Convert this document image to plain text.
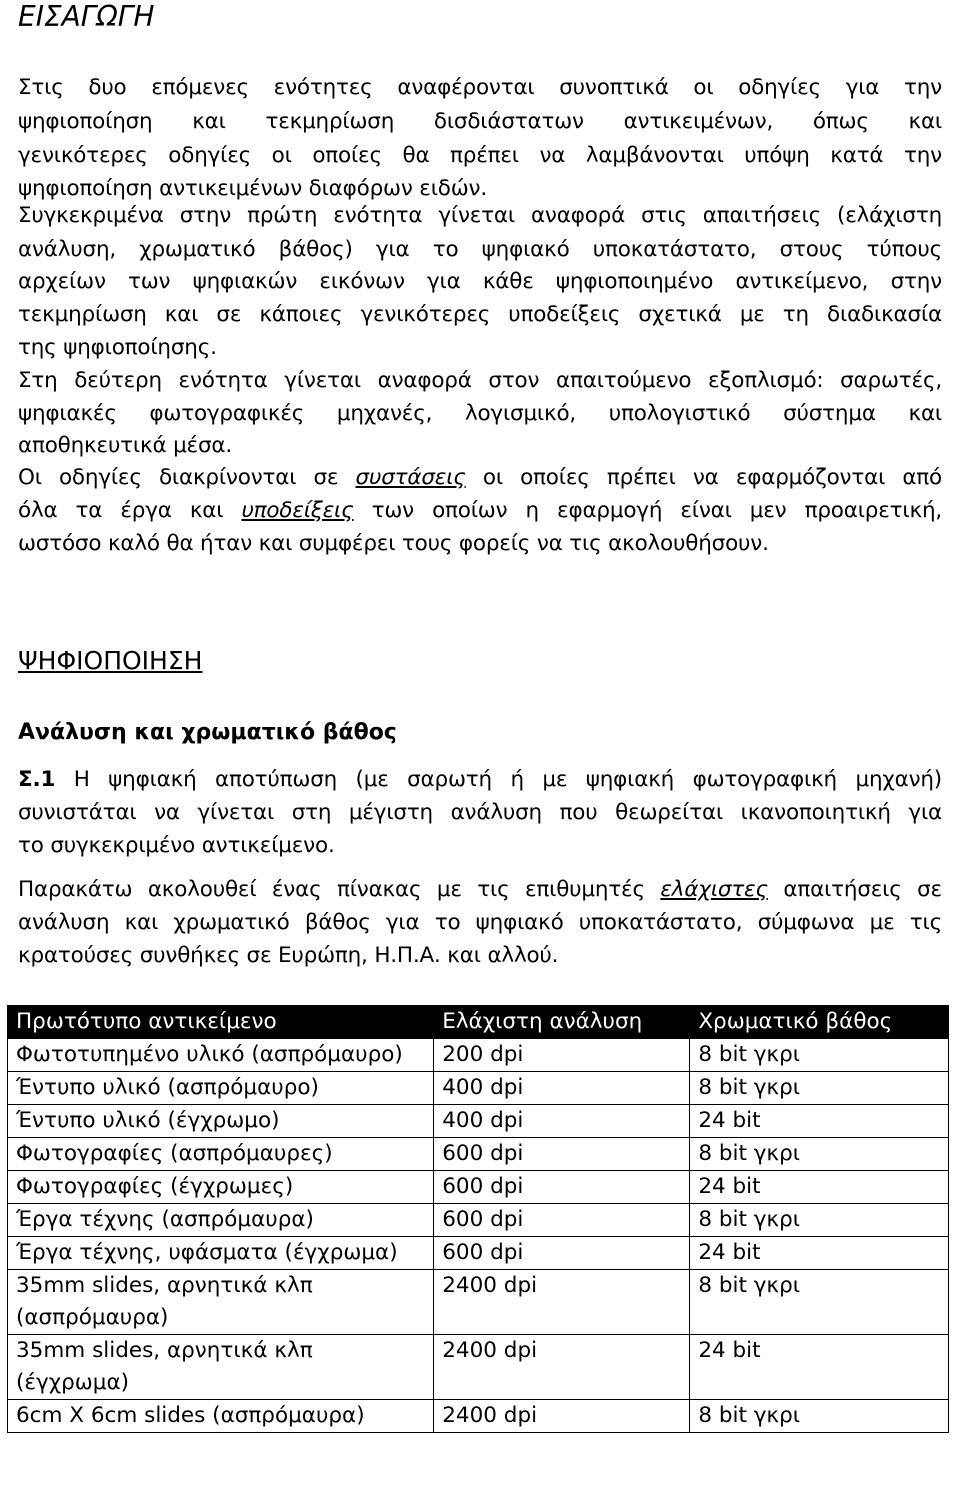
ΕΙΣΑΓΩΓΗ
Στις δυο επόμενες ενότητες αναφέρονται συνοπτικά οι οδηγίες για την
ψηφιοποίηση και τεκμηρίωση δισδιάστατων αντικειμένων, όπως και
γενικότερες οδηγίες οι οποίες θα πρέπει να λαμβάνονται υπόψη κατά την
ψηφιοποίηση αντικειμένων διαφόρων ειδών.
Συγκεκριμένα στην πρώτη ενότητα γίνεται αναφορά στις απαιτήσεις (ελάχιστη
ανάλυση, χρωματικό βάθος) για το ψηφιακό υποκατάστατο, στους τύπους
αρχείων των ψηφιακών εικόνων για κάθε ψηφιοποιημένο αντικείμενο, στην
τεκμηρίωση και σε κάποιες γενικότερες υποδείξεις σχετικά με τη διαδικασία
της ψηφιοποίησης.
Στη δεύτερη ενότητα γίνεται αναφορά στον απαιτούμενο εξοπλισμό: σαρωτές,
ψηφιακές φωτογραφικές μηχανές, λογισμικό, υπολογιστικό σύστημα και
αποθηκευτικά μέσα.
Οι οδηγίες διακρίνονται σε συστάσεις οι οποίες πρέπει να εφαρμόζονται από
όλα τα έργα και υποδείξεις των οποίων η εφαρμογή είναι μεν προαιρετική,
ωστόσο καλό θα ήταν και συμφέρει τους φορείς να τις ακολουθήσουν.
ΨΗΦΙΟΠΟΙΗΣΗ
Ανάλυση και χρωματικό βάθος
Σ.1 Η ψηφιακή αποτύπωση (με σαρωτή ή με ψηφιακή φωτογραφική μηχανή)
συνιστάται να γίνεται στη μέγιστη ανάλυση που θεωρείται ικανοποιητική για
το συγκεκριμένο αντικείμενο.
Παρακάτω ακολουθεί ένας πίνακας με τις επιθυμητές ελάχιστες απαιτήσεις σε
ανάλυση και χρωματικό βάθος για το ψηφιακό υποκατάστατο, σύμφωνα με τις
κρατούσες συνθήκες σε Ευρώπη, Η.Π.Α. και αλλού.
Πρωτότυπο αντικείμενο	Ελάχιστη ανάλυση	Χρωματικό βάθος
Φωτοτυπημένο υλικό (ασπρόμαυρο)	200 dpi	8 bit γκρι
Έντυπο υλικό (ασπρόμαυρο)	400 dpi	8 bit γκρι
Έντυπο υλικό (έγχρωμο)	400 dpi	24 bit
Φωτογραφίες (ασπρόμαυρες)	600 dpi	8 bit γκρι
Φωτογραφίες (έγχρωμες)	600 dpi	24 bit
Έργα τέχνης (ασπρόμαυρα)	600 dpi	8 bit γκρι
Έργα τέχνης, υφάσματα (έγχρωμα)	600 dpi	24 bit
35mm slides, αρνητικά κλπ (ασπρόμαυρα)	2400 dpi	8 bit γκρι
35mm slides, αρνητικά κλπ (έγχρωμα)	2400 dpi	24 bit
6cm X 6cm slides (ασπρόμαυρα)	2400 dpi	8 bit γκρι
